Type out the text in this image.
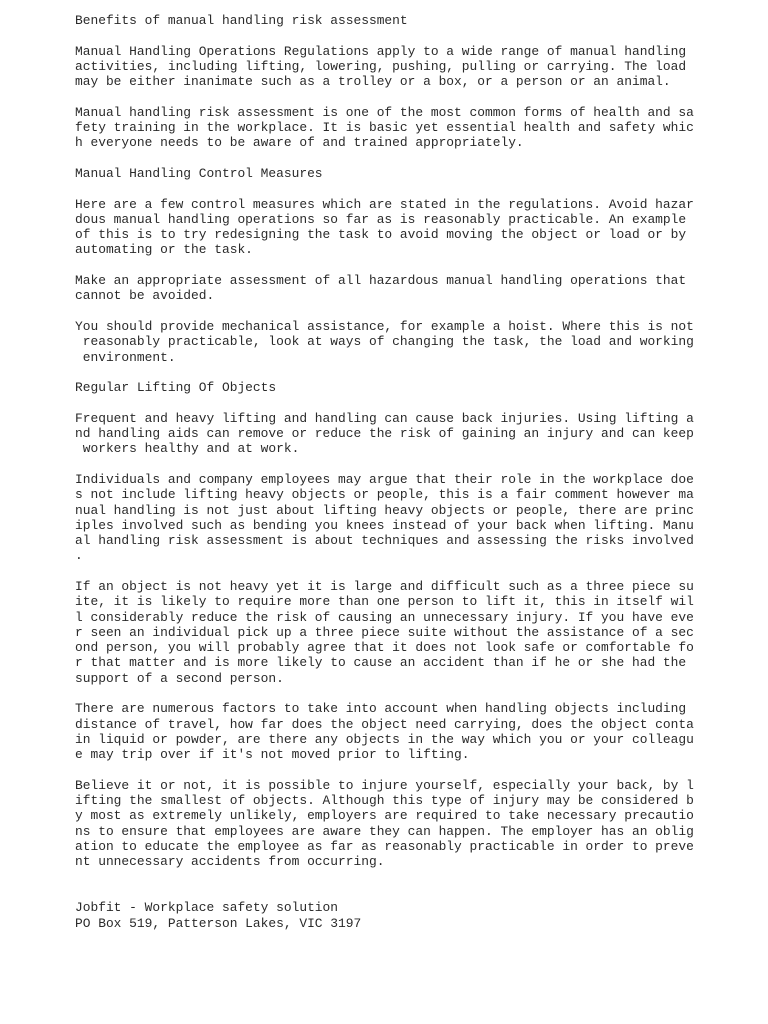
Benefits of manual handling risk assessment

Manual Handling Operations Regulations apply to a wide range of manual handling
activities, including lifting, lowering, pushing, pulling or carrying. The load
may be either inanimate such as a trolley or a box, or a person or an animal.

Manual handling risk assessment is one of the most common forms of health and sa
fety training in the workplace. It is basic yet essential health and safety whic
h everyone needs to be aware of and trained appropriately.

Manual Handling Control Measures

Here are a few control measures which are stated in the regulations. Avoid hazar
dous manual handling operations so far as is reasonably practicable. An example
of this is to try redesigning the task to avoid moving the object or load or by
automating or the task.

Make an appropriate assessment of all hazardous manual handling operations that
cannot be avoided.

You should provide mechanical assistance, for example a hoist. Where this is not
reasonably practicable, look at ways of changing the task, the load and working
environment.

Regular Lifting Of Objects

Frequent and heavy lifting and handling can cause back injuries. Using lifting a
nd handling aids can remove or reduce the risk of gaining an injury and can keep
workers healthy and at work.

Individuals and company employees may argue that their role in the workplace doe
s not include lifting heavy objects or people, this is a fair comment however ma
nual handling is not just about lifting heavy objects or people, there are princ
iples involved such as bending you knees instead of your back when lifting. Manu
al handling risk assessment is about techniques and assessing the risks involved
.

If an object is not heavy yet it is large and difficult such as a three piece su
ite, it is likely to require more than one person to lift it, this in itself wil
l considerably reduce the risk of causing an unnecessary injury. If you have eve
r seen an individual pick up a three piece suite without the assistance of a sec
ond person, you will probably agree that it does not look safe or comfortable fo
r that matter and is more likely to cause an accident than if he or she had the
support of a second person.

There are numerous factors to take into account when handling objects including
distance of travel, how far does the object need carrying, does the object conta
in liquid or powder, are there any objects in the way which you or your colleagu
e may trip over if it's not moved prior to lifting.

Believe it or not, it is possible to injure yourself, especially your back, by l
ifting the smallest of objects. Although this type of injury may be considered b
y most as extremely unlikely, employers are required to take necessary precautio
ns to ensure that employees are aware they can happen. The employer has an oblig
ation to educate the employee as far as reasonably practicable in order to preve
nt unnecessary accidents from occurring.

Jobfit - Workplace safety solution

PO Box 519, Patterson Lakes, VIC 3197
